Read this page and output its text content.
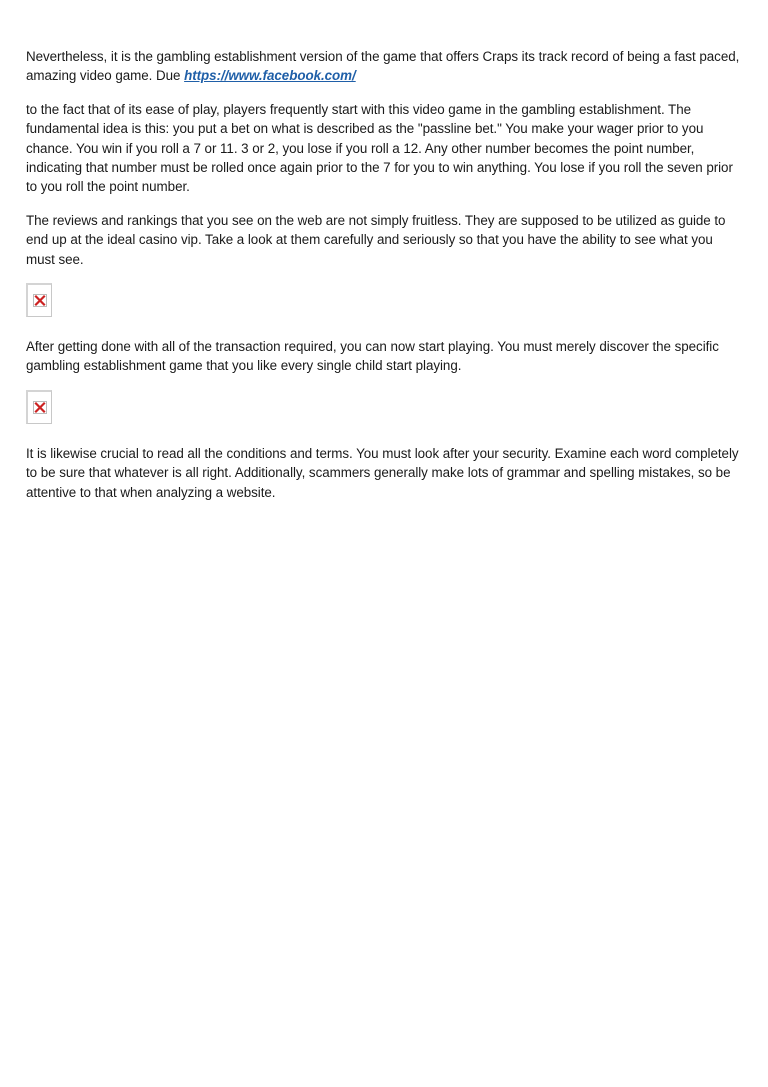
Nevertheless, it is the gambling establishment version of the game that offers Craps its track record of being a fast paced, amazing video game. Due https://www.facebook.com/

to the fact that of its ease of play, players frequently start with this video game in the gambling establishment. The fundamental idea is this: you put a bet on what is described as the "passline bet." You make your wager prior to you chance. You win if you roll a 7 or 11. 3 or 2, you lose if you roll a 12. Any other number becomes the point number, indicating that number must be rolled once again prior to the 7 for you to win anything. You lose if you roll the seven prior to you roll the point number.

The reviews and rankings that you see on the web are not simply fruitless. They are supposed to be utilized as guide to end up at the ideal casino vip. Take a look at them carefully and seriously so that you have the ability to see what you must see.

After getting done with all of the transaction required, you can now start playing. You must merely discover the specific gambling establishment game that you like every single child start playing.

It is likewise crucial to read all the conditions and terms. You must look after your security. Examine each word completely to be sure that whatever is all right. Additionally, scammers generally make lots of grammar and spelling mistakes, so be attentive to that when analyzing a website.
